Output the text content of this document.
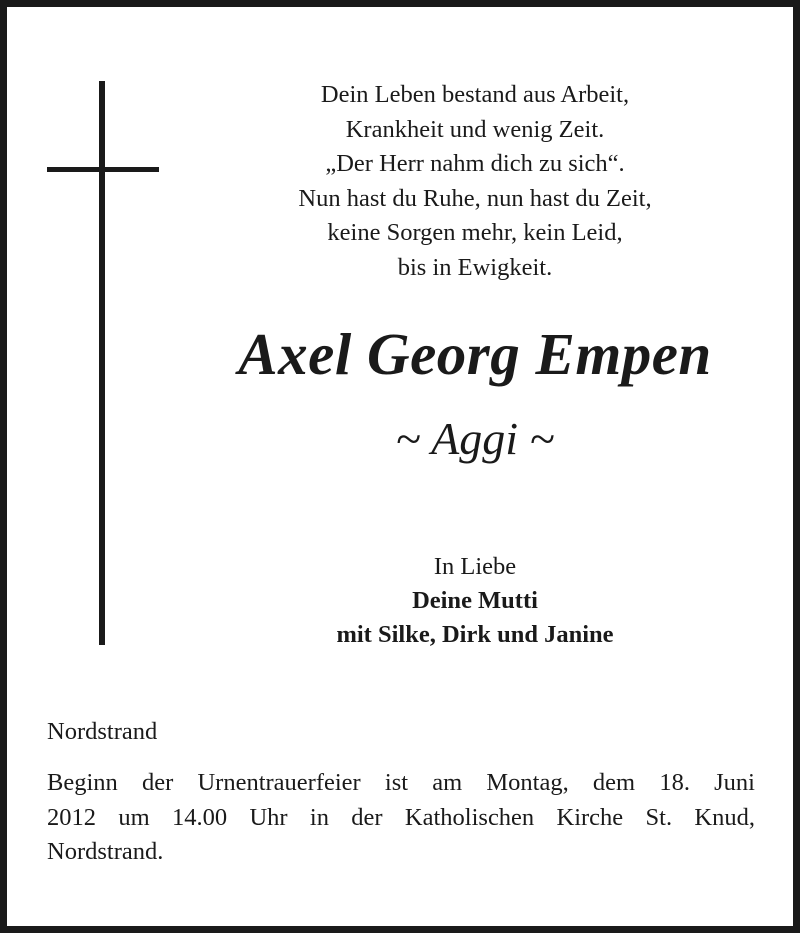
Dein Leben bestand aus Arbeit,
Krankheit und wenig Zeit.
„Der Herr nahm dich zu sich“.
Nun hast du Ruhe, nun hast du Zeit,
keine Sorgen mehr, kein Leid,
bis in Ewigkeit.
Axel Georg Empen
~ Aggi ~
In Liebe
Deine Mutti
mit Silke, Dirk und Janine
Nordstrand
Beginn der Urnentrauerfeier ist am Montag, dem 18. Juni
2012 um 14.00 Uhr in der Katholischen Kirche St. Knud,
Nordstrand.
